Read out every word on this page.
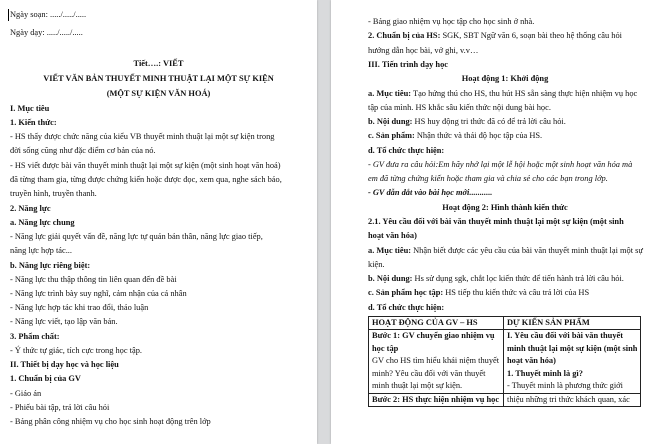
Ngày soạn: ...../...../.....
Ngày dạy: ...../...../.....
Tiết….: VIẾT
VIẾT VĂN BẢN THUYẾT MINH THUẬT LẠI MỘT SỰ KIỆN
(MỘT SỰ KIỆN VĂN HOÁ)
I. Mục tiêu
1. Kiến thức:
- HS thấy được chức năng của kiểu VB thuyết minh thuật lại một sự kiện trong
đời sống cũng như đặc điểm cơ bản của nó.
- HS viết được bài văn thuyết minh thuật lại một sự kiện (một sinh hoạt văn hoá)
đã từng tham gia, từng được chứng kiến hoặc được đọc, xem qua, nghe sách báo,
truyền hình, truyền thanh.
2. Năng lực
a. Năng lực chung
- Năng lực giải quyết vấn đề, năng lực tự quản bản thân, năng lực giao tiếp,
năng lực hợp tác...
b. Năng lực riêng biệt:
- Năng lực thu thập thông tin liên quan đến đề bài
- Năng lực trình bày suy nghĩ, cảm nhận của cá nhân
- Năng lực hợp tác khi trao đổi, thảo luận
- Năng lực viết, tạo lập văn bản.
3. Phẩm chất:
- Ý thức tự giác, tích cực trong học tập.
II. Thiết bị dạy học và học liệu
1. Chuẩn bị của GV
- Giáo án
- Phiếu bài tập, trả lời câu hỏi
- Bảng phân công nhiệm vụ cho học sinh hoạt động trên lớp
- Bảng giao nhiệm vụ học tập cho học sinh ở nhà.
2. Chuẩn bị của HS: SGK, SBT Ngữ văn 6, soạn bài theo hệ thống câu hỏi
hướng dẫn học bài, vở ghi, v.v…
III. Tiến trình dạy học
Hoạt động 1: Khởi động
a. Mục tiêu: Tạo hứng thú cho HS, thu hút HS sẵn sàng thực hiện nhiệm vụ học
tập của mình. HS khắc sâu kiến thức nội dung bài học.
b. Nội dung: HS huy động tri thức đã có để trả lời câu hỏi.
c. Sản phẩm: Nhận thức và thái độ học tập của HS.
d. Tổ chức thực hiện:
- GV đưa ra câu hỏi:Em hãy nhớ lại một lễ hội hoặc một sinh hoạt văn hóa mà
em đã từng chứng kiến hoặc tham gia và chia sẻ cho các bạn trong lớp.
- GV dẫn dắt vào bài học mới...........
Hoạt động 2: Hình thành kiến thức
2.1. Yêu cầu đối với bài văn thuyết minh thuật lại một sự kiện (một sinh
hoạt văn hóa)
a. Mục tiêu: Nhận biết được các yêu cầu của bài văn thuyết minh thuật lại một sự
kiện.
b. Nội dung: Hs sử dụng sgk, chắt lọc kiến thức để tiến hành trả lời câu hỏi.
c. Sản phẩm học tập: HS tiếp thu kiến thức và câu trả lời của HS
d. Tổ chức thực hiện:
HOẠT ĐỘNG CỦA GV – HS	DỰ KIẾN SẢN PHẨM

Bước 1: GV chuyển giao nhiệm vụ
học tập
GV cho HS tìm hiểu khái niệm thuyết
minh? Yêu cầu đối với văn thuyết
minh thuật lại một sự kiện.	I. Yêu cầu đối với bài văn thuyết
minh thuật lại một sự kiện (một sinh
hoạt văn hóa)
1. Thuyết minh là gì?
- Thuyết minh là phương thức giới

Bước 2: HS thực hiện nhiệm vụ học	thiệu những tri thức khách quan, xác
